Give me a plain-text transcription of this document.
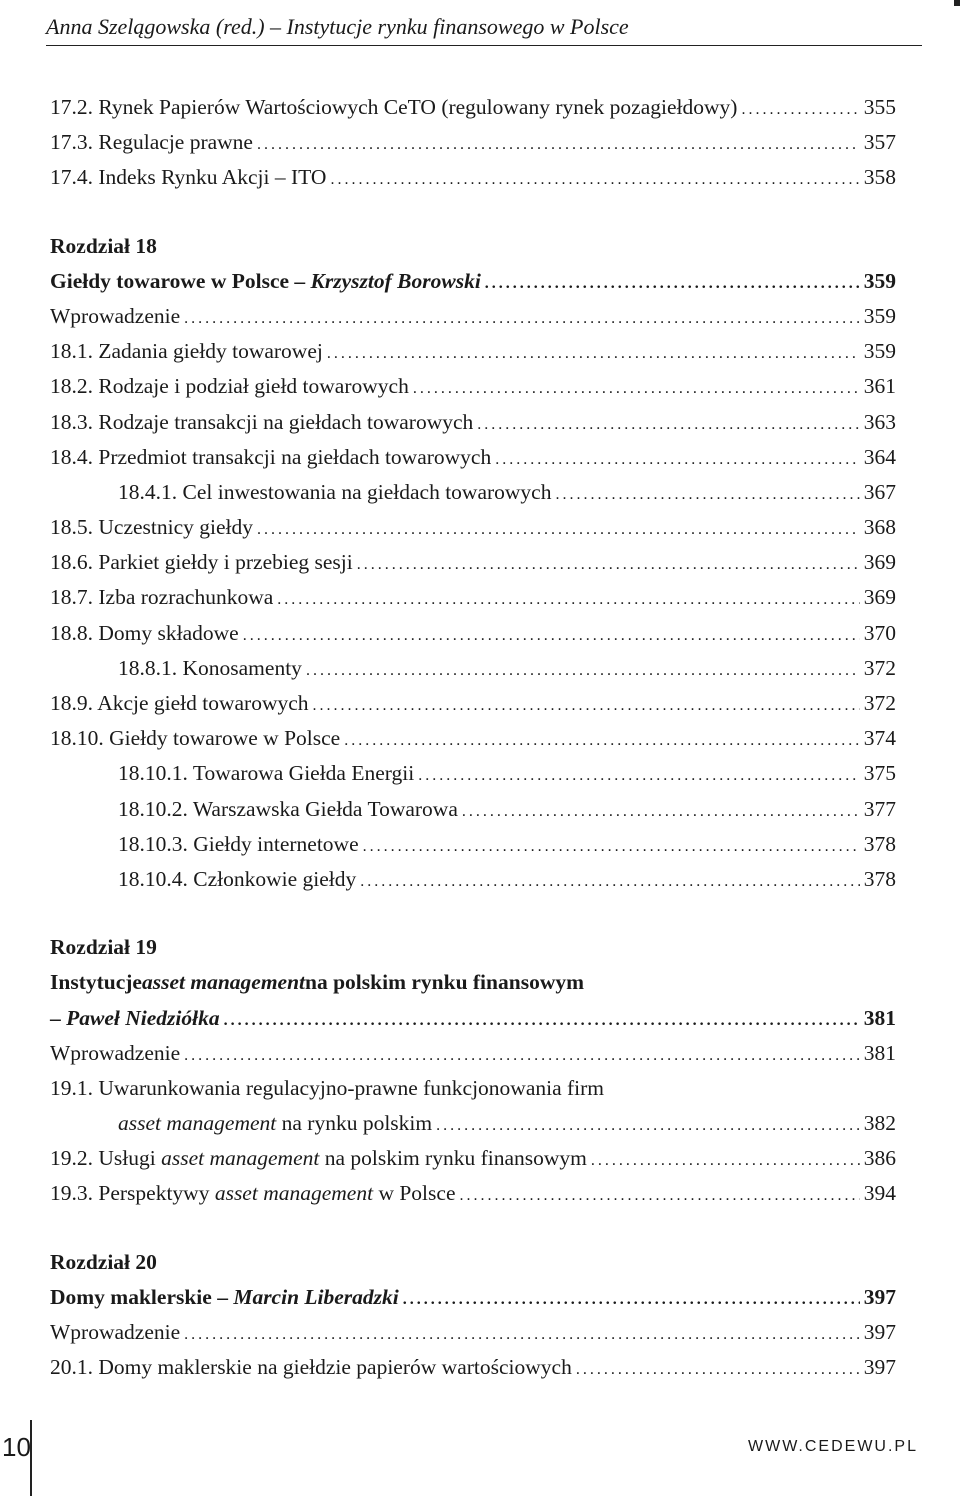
Anna Szelągowska (red.) – Instytucje rynku finansowego w Polsce
17.2. Rynek Papierów Wartościowych CeTO (regulowany rynek pozagiełdowy) .....	355
17.3. Regulacje prawne .....	357
17.4. Indeks Rynku Akcji – ITO .....	358
Rozdział 18
Giełdy towarowe w Polsce – Krzysztof Borowski .....	359
Wprowadzenie .....	359
18.1. Zadania giełdy towarowej .....	359
18.2. Rodzaje i podział giełd towarowych .....	361
18.3. Rodzaje transakcji na giełdach towarowych .....	363
18.4. Przedmiot transakcji na giełdach towarowych .....	364
18.4.1. Cel inwestowania na giełdach towarowych .....	367
18.5. Uczestnicy giełdy .....	368
18.6. Parkiet giełdy i przebieg sesji .....	369
18.7. Izba rozrachunkowa .....	369
18.8. Domy składowe .....	370
18.8.1. Konosamenty .....	372
18.9. Akcje giełd towarowych .....	372
18.10. Giełdy towarowe w Polsce .....	374
18.10.1. Towarowa Giełda Energii .....	375
18.10.2. Warszawska Giełda Towarowa .....	377
18.10.3. Giełdy internetowe .....	378
18.10.4. Członkowie giełdy .....	378
Rozdział 19
Instytucje asset management na polskim rynku finansowym
– Paweł Niedziółka .....	381
Wprowadzenie .....	381
19.1. Uwarunkowania regulacyjno-prawne funkcjonowania firm
asset management na rynku polskim .....	382
19.2. Usługi asset management na polskim rynku finansowym .....	386
19.3. Perspektywy asset management w Polsce .....	394
Rozdział 20
Domy maklerskie – Marcin Liberadzki .....	397
Wprowadzenie .....	397
20.1. Domy maklerskie na giełdzie papierów wartościowych .....	397
10	WWW.CEDEWU.PL
